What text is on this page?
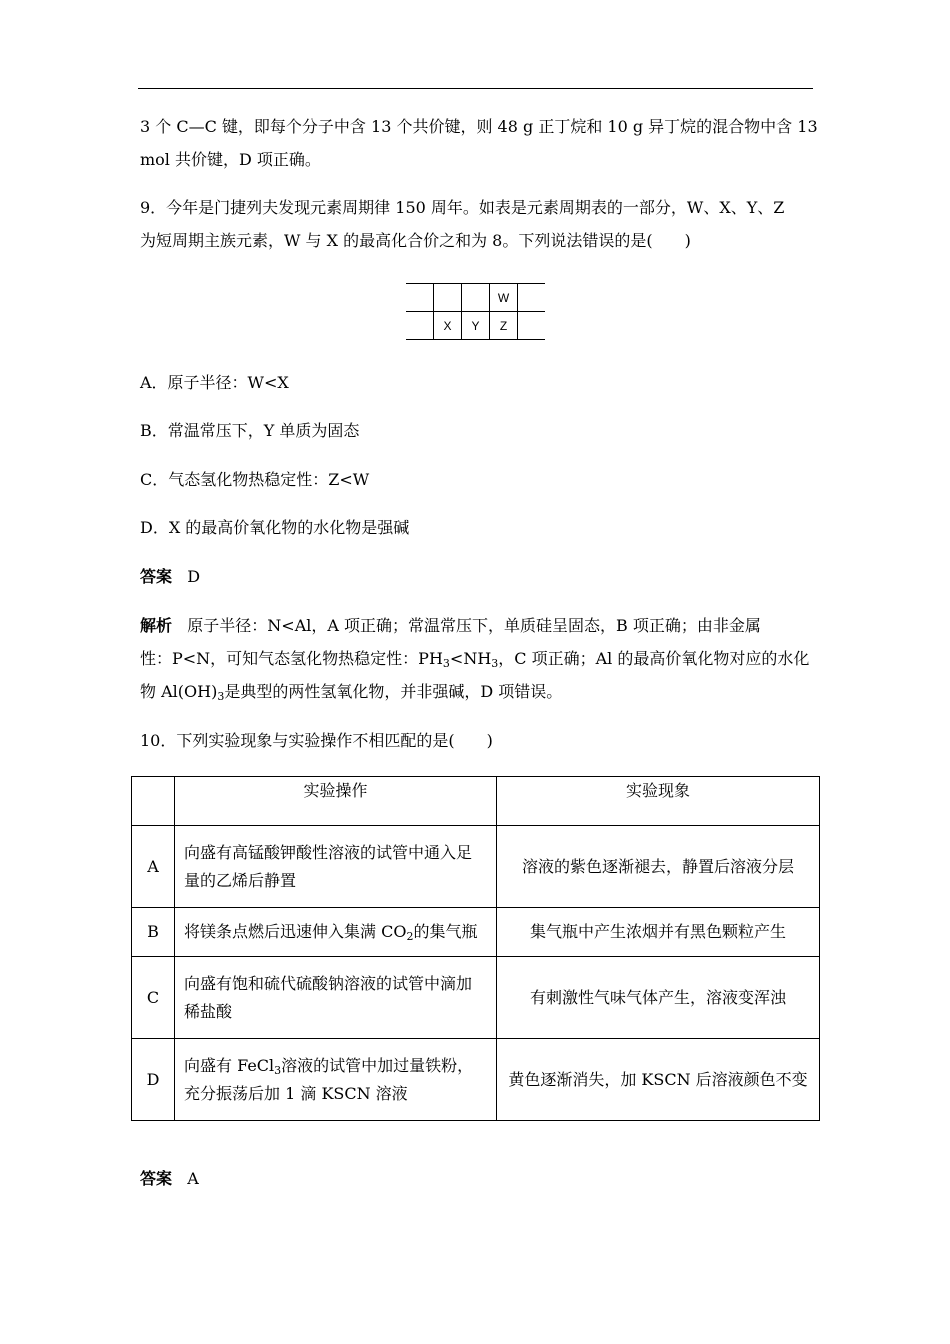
3 个 C—C 键，即每个分子中含 13 个共价键，则 48 g 正丁烷和 10 g 异丁烷的混合物中含 13
mol 共价键，D 项正确。
9．今年是门捷列夫发现元素周期律 150 周年。如表是元素周期表的一部分，W、X、Y、Z
为短周期主族元素，W 与 X 的最高化合价之和为 8。下列说法错误的是(　　)
			W	
	X	Y	Z	
A．原子半径：W<X
B．常温常压下，Y 单质为固态
C．气态氢化物热稳定性：Z<W
D．X 的最高价氧化物的水化物是强碱
答案 D
解析 原子半径：N<Al，A 项正确；常温常压下，单质硅呈固态，B 项正确；由非金属
性：P<N，可知气态氢化物热稳定性：$PH_3<NH_3$，C 项正确；Al 的最高价氧化物对应的水化
物 $Al(OH)_3$是典型的两性氢氧化物，并非强碱，D 项错误。
10．下列实验现象与实验操作不相匹配的是(　　)
	实验操作	实验现象
A	向盛有高锰酸钾酸性溶液的试管中通入足
量的乙烯后静置	溶液的紫色逐渐褪去，静置后溶液分层
B	将镁条点燃后迅速伸入集满 $CO_2$的集气瓶	集气瓶中产生浓烟并有黑色颗粒产生
C	向盛有饱和硫代硫酸钠溶液的试管中滴加
稀盐酸	有刺激性气味气体产生，溶液变浑浊
D	向盛有 FeCl$_3$溶液的试管中加过量铁粉，
充分振荡后加 1 滴 KSCN 溶液	黄色逐渐消失，加 KSCN 后溶液颜色不变
答案 A
